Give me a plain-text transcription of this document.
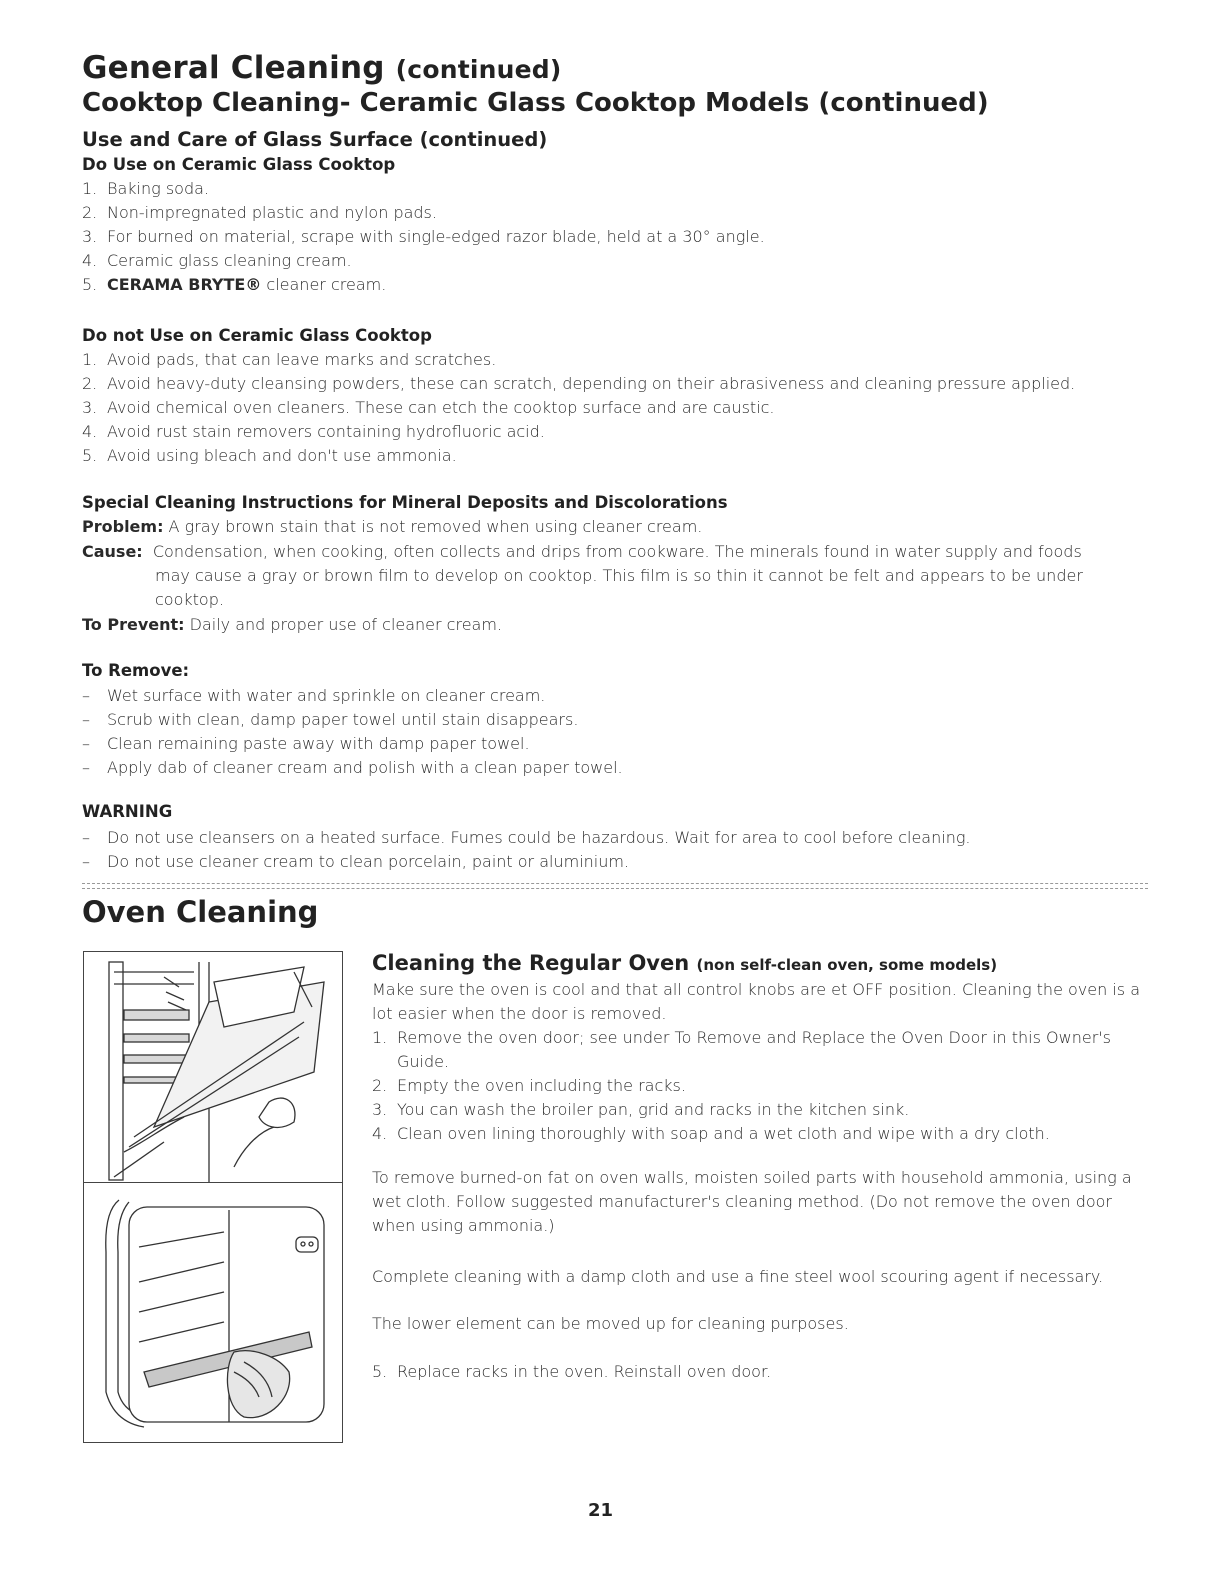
General Cleaning (continued)
Cooktop Cleaning- Ceramic Glass Cooktop Models (continued)
Use and Care of Glass Surface (continued)
Do Use on Ceramic Glass Cooktop
1. Baking soda.
2. Non-impregnated plastic and nylon pads.
3. For burned on material, scrape with single-edged razor blade, held at a 30° angle.
4. Ceramic glass cleaning cream.
5. CERAMA BRYTE® cleaner cream.
Do not Use on Ceramic Glass Cooktop
1. Avoid pads, that can leave marks and scratches.
2. Avoid heavy-duty cleansing powders, these can scratch, depending on their abrasiveness and cleaning pressure applied.
3. Avoid chemical oven cleaners. These can etch the cooktop surface and are caustic.
4. Avoid rust stain removers containing hydrofluoric acid.
5. Avoid using bleach and don't use ammonia.
Special Cleaning Instructions for Mineral Deposits and Discolorations
Problem: A gray brown stain that is not removed when using cleaner cream.
Cause: Condensation, when cooking, often collects and drips from cookware. The minerals found in water supply and foods
may cause a gray or brown film to develop on cooktop. This film is so thin it cannot be felt and appears to be under
cooktop.
To Prevent: Daily and proper use of cleaner cream.
To Remove:
– Wet surface with water and sprinkle on cleaner cream.
– Scrub with clean, damp paper towel until stain disappears.
– Clean remaining paste away with damp paper towel.
– Apply dab of cleaner cream and polish with a clean paper towel.
WARNING
– Do not use cleansers on a heated surface. Fumes could be hazardous. Wait for area to cool before cleaning.
– Do not use cleaner cream to clean porcelain, paint or aluminium.
Oven Cleaning
Cleaning the Regular Oven (non self-clean oven, some models)
Make sure the oven is cool and that all control knobs are et OFF position. Cleaning the oven is a lot easier when the door is removed.
1. Remove the oven door; see under To Remove and Replace the Oven Door in this Owner's Guide.
2. Empty the oven including the racks.
3. You can wash the broiler pan, grid and racks in the kitchen sink.
4. Clean oven lining thoroughly with soap and a wet cloth and wipe with a dry cloth.
To remove burned-on fat on oven walls, moisten soiled parts with household ammonia, using a wet cloth. Follow suggested manufacturer's cleaning method. (Do not remove the oven door when using ammonia.)
Complete cleaning with a damp cloth and use a fine steel wool scouring agent if necessary.
The lower element can be moved up for cleaning purposes.
5. Replace racks in the oven. Reinstall oven door.
21
